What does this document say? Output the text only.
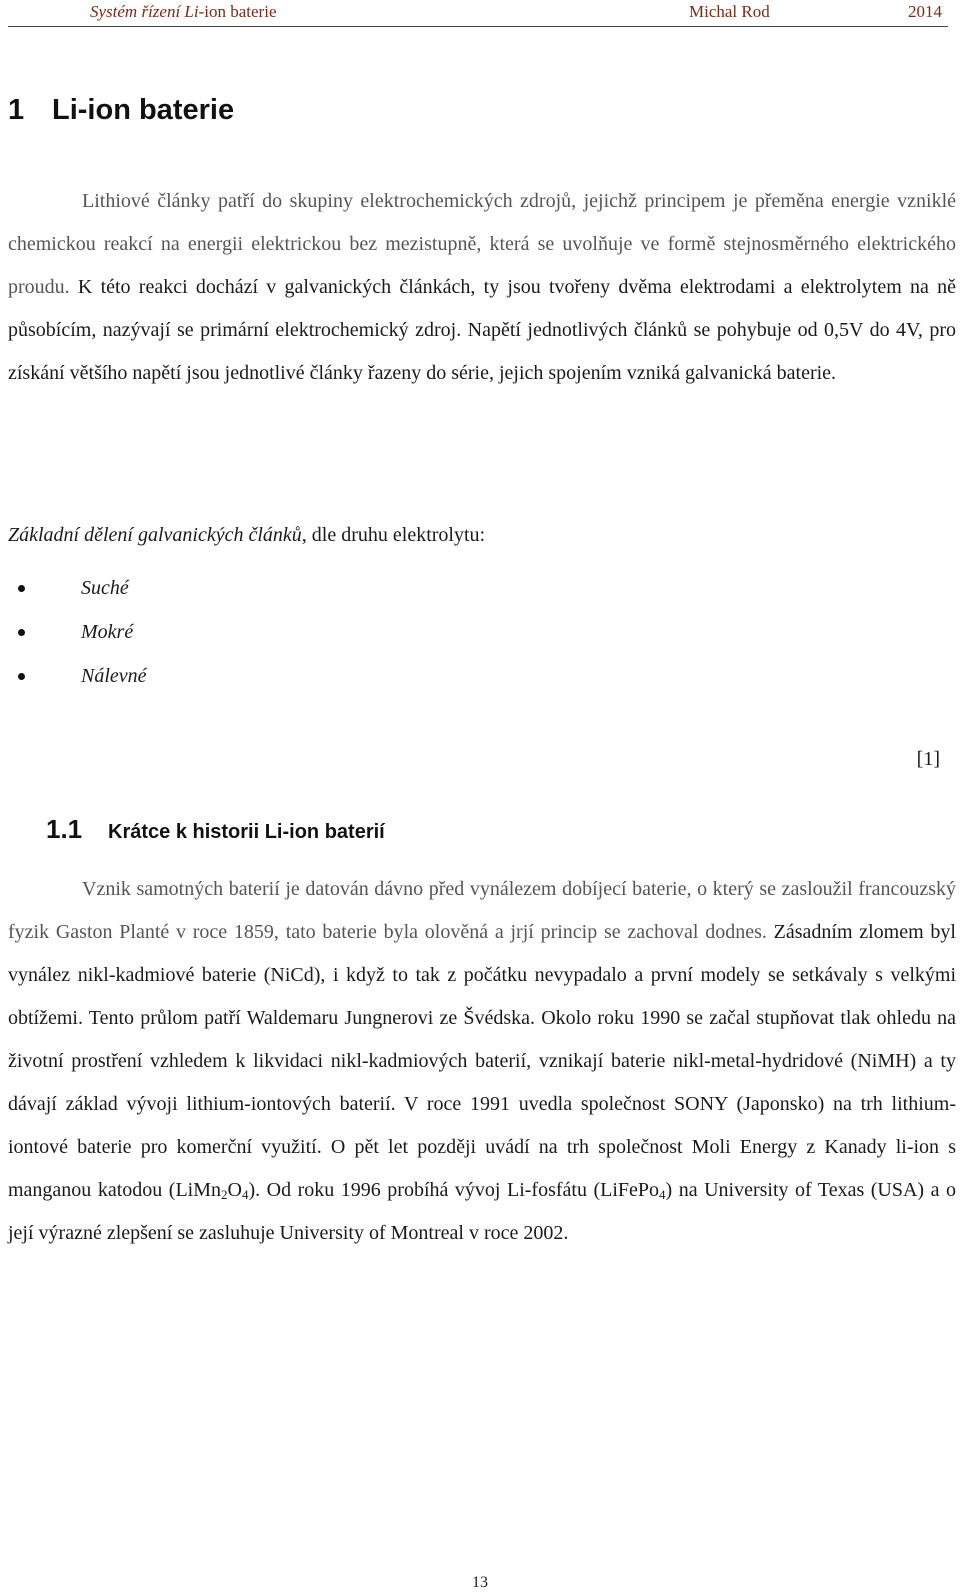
Systém řízení Li-ion baterie	Michal Rod	2014
1 Li-ion baterie

Lithiové články patří do skupiny elektrochemických zdrojů, jejichž principem je přeměna energie vzniklé chemickou reakcí na energii elektrickou bez mezistupně, která se uvolňuje ve formě stejnosměrného elektrického proudu. K této reakci dochází v galvanických článkách, ty jsou tvořeny dvěma elektrodami a elektrolytem na ně působícím, nazývají se primární elektrochemický zdroj. Napětí jednotlivých článků se pohybuje od 0,5V do 4V, pro získání většího napětí jsou jednotlivé články řazeny do série, jejich spojením vzniká galvanická baterie.

Základní dělení galvanických článků, dle druhu elektrolytu:

Suché
Mokré
Nálevné
[1]
1.1 Krátce k historii Li-ion baterií

Vznik samotných baterií je datován dávno před vynálezem dobíjecí baterie, o který se zasloužil francouzský fyzik Gaston Planté v roce 1859, tato baterie byla olověná a jrjí princip se zachoval dodnes. Zásadním zlomem byl vynález nikl-kadmiové baterie (NiCd), i když to tak z počátku nevypadalo a první modely se setkávaly s velkými obtížemi. Tento průlom patří Waldemaru Jungnerovi ze Švédska. Okolo roku 1990 se začal stupňovat tlak ohledu na životní prostření vzhledem k likvidaci nikl-kadmiových baterií, vznikají baterie nikl-metal-hydridové (NiMH) a ty dávají základ vývoji lithium-iontových baterií. V roce 1991 uvedla společnost SONY (Japonsko) na trh lithium-iontové baterie pro komerční využití. O pět let později uvádí na trh společnost Moli Energy z Kanady li-ion s manganou katodou $(LiMn_2O_4)$. Od roku 1996 probíhá vývoj Li-fosfátu (LiFePo$_4$) na University of Texas (USA) a o její výrazné zlepšení se zasluhuje University of Montreal v roce 2002.

13
